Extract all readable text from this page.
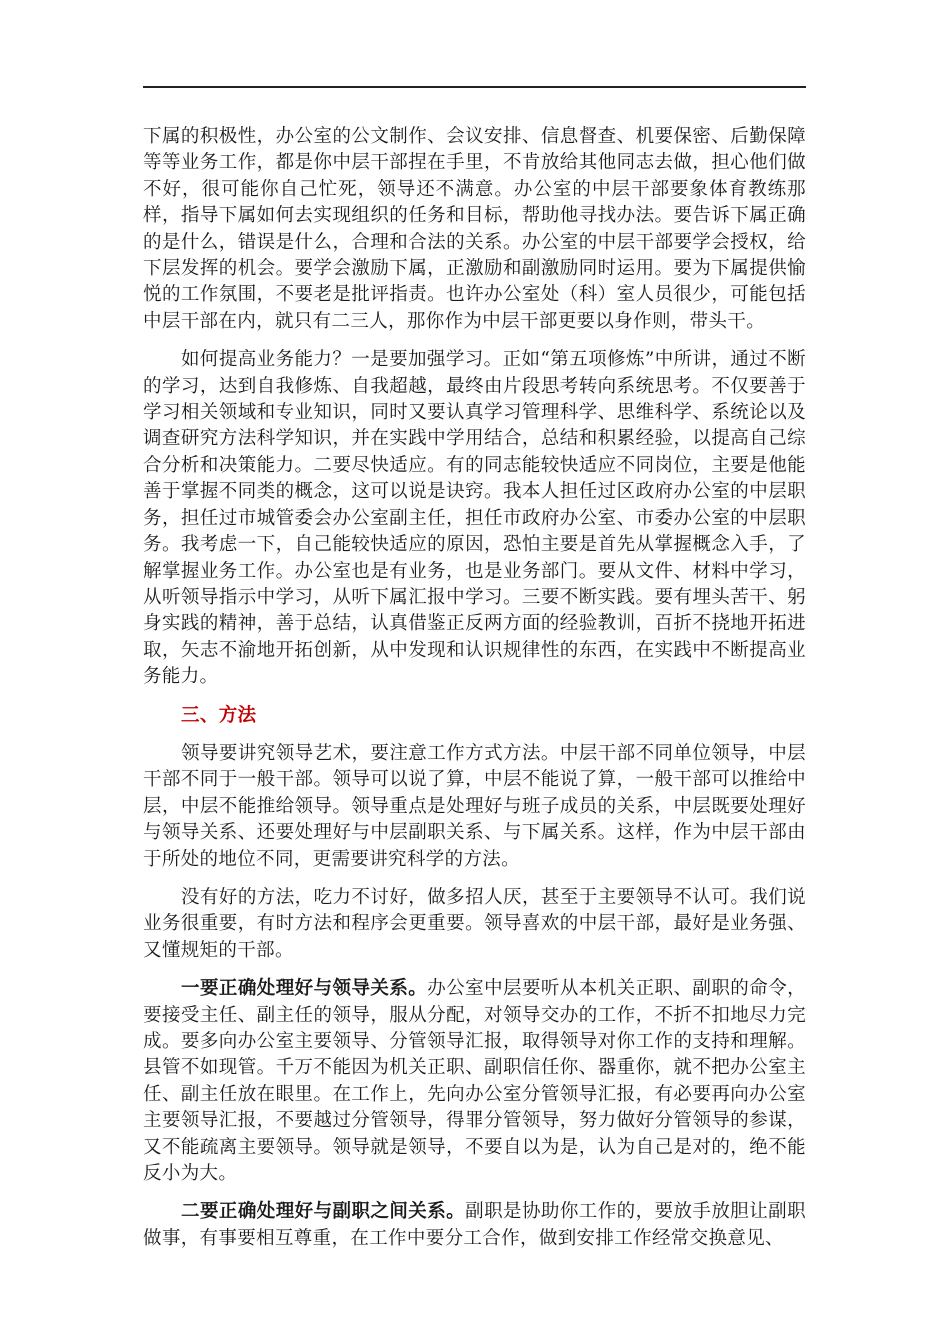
下属的积极性，办公室的公文制作、会议安排、信息督查、机要保密、后勤保障等等业务工作，都是你中层干部捏在手里，不肯放给其他同志去做，担心他们做不好，很可能你自己忙死，领导还不满意。办公室的中层干部要象体育教练那样，指导下属如何去实现组织的任务和目标，帮助他寻找办法。要告诉下属正确的是什么，错误是什么，合理和合法的关系。办公室的中层干部要学会授权，给下层发挥的机会。要学会激励下属，正激励和副激励同时运用。要为下属提供愉悦的工作氛围，不要老是批评指责。也许办公室处（科）室人员很少，可能包括中层干部在内，就只有二三人，那你作为中层干部更要以身作则，带头干。

如何提高业务能力？一是要加强学习。正如“第五项修炼”中所讲，通过不断的学习，达到自我修炼、自我超越，最终由片段思考转向系统思考。不仅要善于学习相关领域和专业知识，同时又要认真学习管理科学、思维科学、系统论以及调查研究方法科学知识，并在实践中学用结合，总结和积累经验，以提高自己综合分析和决策能力。二要尽快适应。有的同志能较快适应不同岗位，主要是他能善于掌握不同类的概念，这可以说是诀窍。我本人担任过区政府办公室的中层职务，担任过市城管委会办公室副主任，担任市政府办公室、市委办公室的中层职务。我考虑一下，自己能较快适应的原因，恐怕主要是首先从掌握概念入手，了解掌握业务工作。办公室也是有业务，也是业务部门。要从文件、材料中学习，从听领导指示中学习，从听下属汇报中学习。三要不断实践。要有埋头苦干、躬身实践的精神，善于总结，认真借鉴正反两方面的经验教训，百折不挠地开拓进取，矢志不渝地开拓创新，从中发现和认识规律性的东西，在实践中不断提高业务能力。

三、方法

领导要讲究领导艺术，要注意工作方式方法。中层干部不同单位领导，中层干部不同于一般干部。领导可以说了算，中层不能说了算，一般干部可以推给中层，中层不能推给领导。领导重点是处理好与班子成员的关系，中层既要处理好与领导关系、还要处理好与中层副职关系、与下属关系。这样，作为中层干部由于所处的地位不同，更需要讲究科学的方法。

没有好的方法，吃力不讨好，做多招人厌，甚至于主要领导不认可。我们说业务很重要，有时方法和程序会更重要。领导喜欢的中层干部，最好是业务强、又懂规矩的干部。

一要正确处理好与领导关系。办公室中层要听从本机关正职、副职的命令，要接受主任、副主任的领导，服从分配，对领导交办的工作，不折不扣地尽力完成。要多向办公室主要领导、分管领导汇报，取得领导对你工作的支持和理解。县管不如现管。千万不能因为机关正职、副职信任你、器重你，就不把办公室主任、副主任放在眼里。在工作上，先向办公室分管领导汇报，有必要再向办公室主要领导汇报，不要越过分管领导，得罪分管领导，努力做好分管领导的参谋，又不能疏离主要领导。领导就是领导，不要自以为是，认为自己是对的，绝不能反小为大。

二要正确处理好与副职之间关系。副职是协助你工作的，要放手放胆让副职做事，有事要相互尊重，在工作中要分工合作，做到安排工作经常交换意见、
